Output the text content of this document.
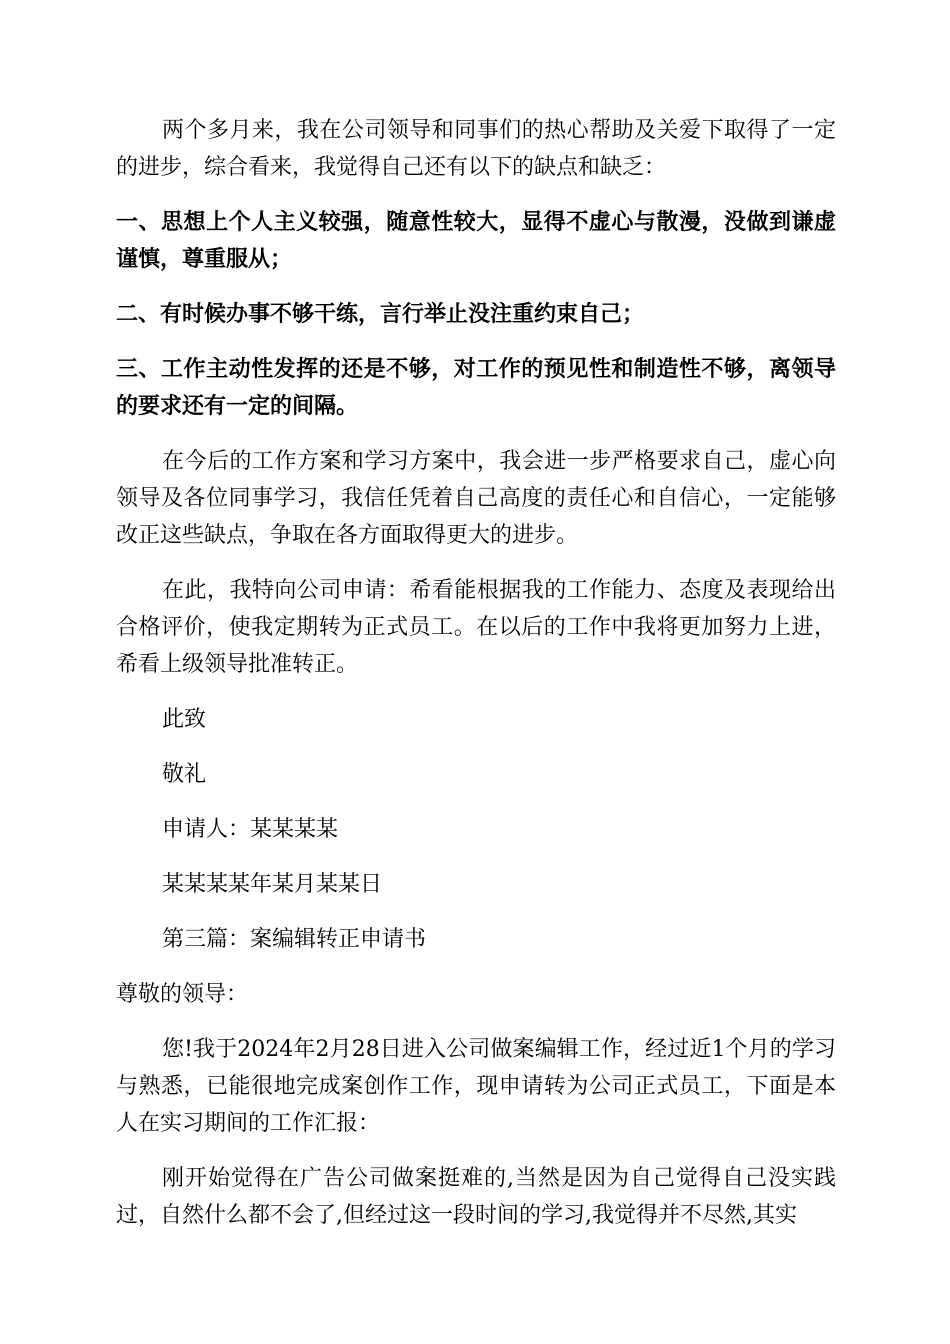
两个多月来，我在公司领导和同事们的热心帮助及关爱下取得了一定的进步，综合看来，我觉得自己还有以下的缺点和缺乏：

一、思想上个人主义较强，随意性较大，显得不虚心与散漫，没做到谦虚谨慎，尊重服从；

二、有时候办事不够干练，言行举止没注重约束自己；

三、工作主动性发挥的还是不够，对工作的预见性和制造性不够，离领导的要求还有一定的间隔。

在今后的工作方案和学习方案中，我会进一步严格要求自己，虚心向领导及各位同事学习，我信任凭着自己高度的责任心和自信心，一定能够改正这些缺点，争取在各方面取得更大的进步。

在此，我特向公司申请：希看能根据我的工作能力、态度及表现给出合格评价，使我定期转为正式员工。在以后的工作中我将更加努力上进，希看上级领导批准转正。

此致

敬礼

申请人：某某某某

某某某某年某月某某日

第三篇：案编辑转正申请书

尊敬的领导：

您!我于2024年2月28日进入公司做案编辑工作，经过近1个月的学习与熟悉，已能很地完成案创作工作，现申请转为公司正式员工，下面是本人在实习期间的工作汇报：

刚开始觉得在广告公司做案挺难的,当然是因为自己觉得自己没实践过，自然什么都不会了,但经过这一段时间的学习,我觉得并不尽然,其实
